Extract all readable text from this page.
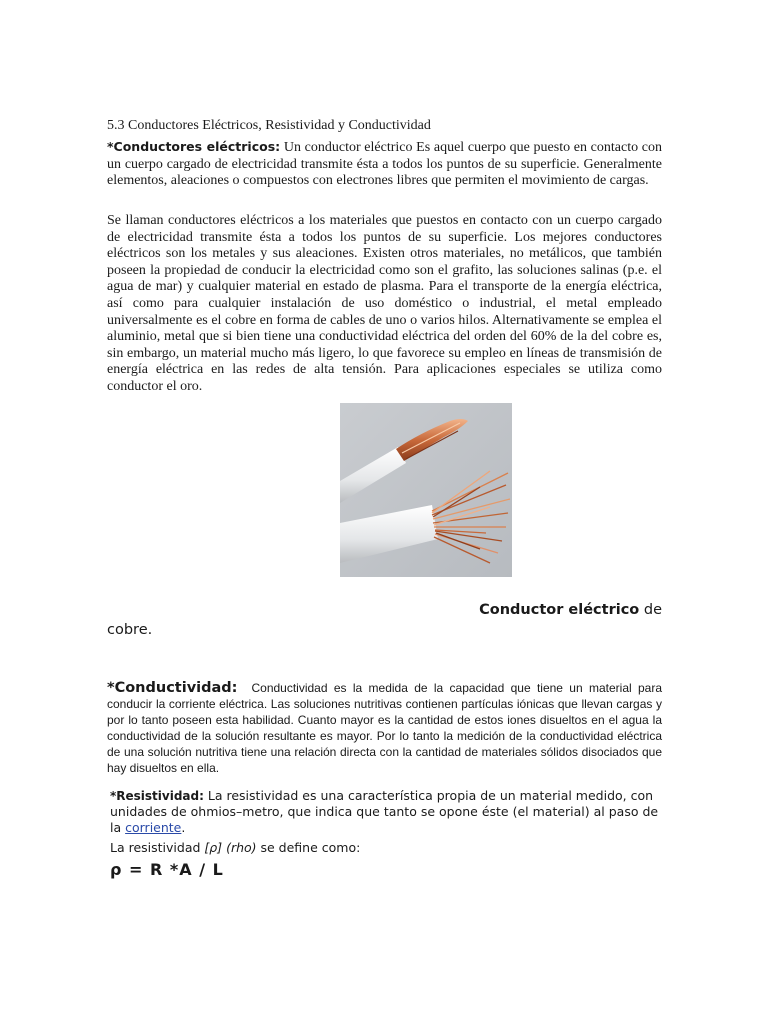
5.3 Conductores Eléctricos, Resistividad y Conductividad
*Conductores eléctricos: Un conductor eléctrico Es aquel cuerpo que puesto en contacto con un cuerpo cargado de electricidad transmite ésta a todos los puntos de su superficie. Generalmente elementos, aleaciones o compuestos con electrones libres que permiten el movimiento de cargas.
Se llaman conductores eléctricos a los materiales que puestos en contacto con un cuerpo cargado de electricidad transmite ésta a todos los puntos de su superficie. Los mejores conductores eléctricos son los metales y sus aleaciones. Existen otros materiales, no metálicos, que también poseen la propiedad de conducir la electricidad como son el grafito, las soluciones salinas (p.e. el agua de mar) y cualquier material en estado de plasma. Para el transporte de la energía eléctrica, así como para cualquier instalación de uso doméstico o industrial, el metal empleado universalmente es el cobre en forma de cables de uno o varios hilos. Alternativamente se emplea el aluminio, metal que si bien tiene una conductividad eléctrica del orden del 60% de la del cobre es, sin embargo, un material mucho más ligero, lo que favorece su empleo en líneas de transmisión de energía eléctrica en las redes de alta tensión. Para aplicaciones especiales se utiliza como conductor el oro.
Conductor eléctrico de
cobre.
*Conductividad: Conductividad es la medida de la capacidad que tiene un material para conducir la corriente eléctrica. Las soluciones nutritivas contienen partículas iónicas que llevan cargas y por lo tanto poseen esta habilidad. Cuanto mayor es la cantidad de estos iones disueltos en el agua la conductividad de la solución resultante es mayor. Por lo tanto la medición de la conductividad eléctrica de una solución nutritiva tiene una relación directa con la cantidad de materiales sólidos disociados que hay disueltos en ella.
*Resistividad: La resistividad es una característica propia de un material medido, con unidades de ohmios–metro, que indica que tanto se opone éste (el material) al paso de la corriente.
La resistividad [ρ] (rho) se define como:
ρ = R *A / L
